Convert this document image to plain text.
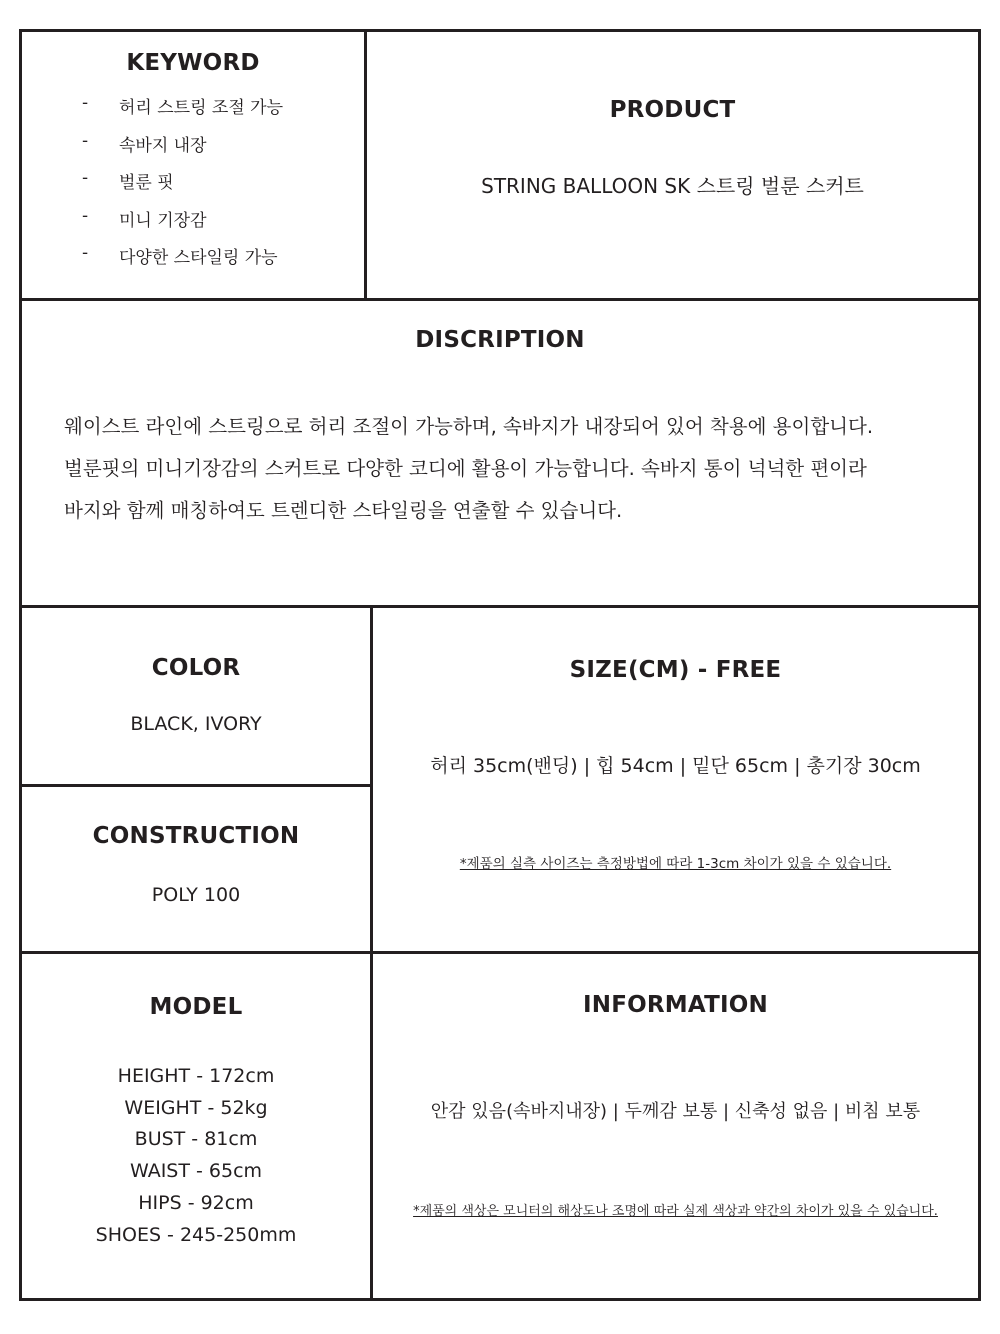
KEYWORD
-	허리 스트링 조절 가능
-	속바지 내장
-	벌룬 핏
-	미니 기장감
-	다양한 스타일링 가능
PRODUCT
STRING BALLOON SK 스트링 벌룬 스커트
DISCRIPTION

웨이스트 라인에 스트링으로 허리 조절이 가능하며, 속바지가 내장되어 있어 착용에 용이합니다.

벌룬핏의 미니기장감의 스커트로 다양한 코디에 활용이 가능합니다. 속바지 통이 넉넉한 편이라

바지와 함께 매칭하여도 트렌디한 스타일링을 연출할 수 있습니다.

COLOR
BLACK, IVORY
CONSTRUCTION
POLY 100
SIZE(CM) - FREE
허리 35cm(밴딩) | 힙 54cm | 밑단 65cm | 총기장 30cm
*제품의 실측 사이즈는 측정방법에 따라 1-3cm 차이가 있을 수 있습니다.
MODEL
HEIGHT - 172cm
WEIGHT - 52kg
BUST - 81cm
WAIST - 65cm
HIPS - 92cm
SHOES - 245-250mm
INFORMATION
안감 있음(속바지내장) | 두께감 보통 | 신축성 없음 | 비침 보통
*제품의 색상은 모니터의 해상도나 조명에 따라 실제 색상과 약간의 차이가 있을 수 있습니다.
